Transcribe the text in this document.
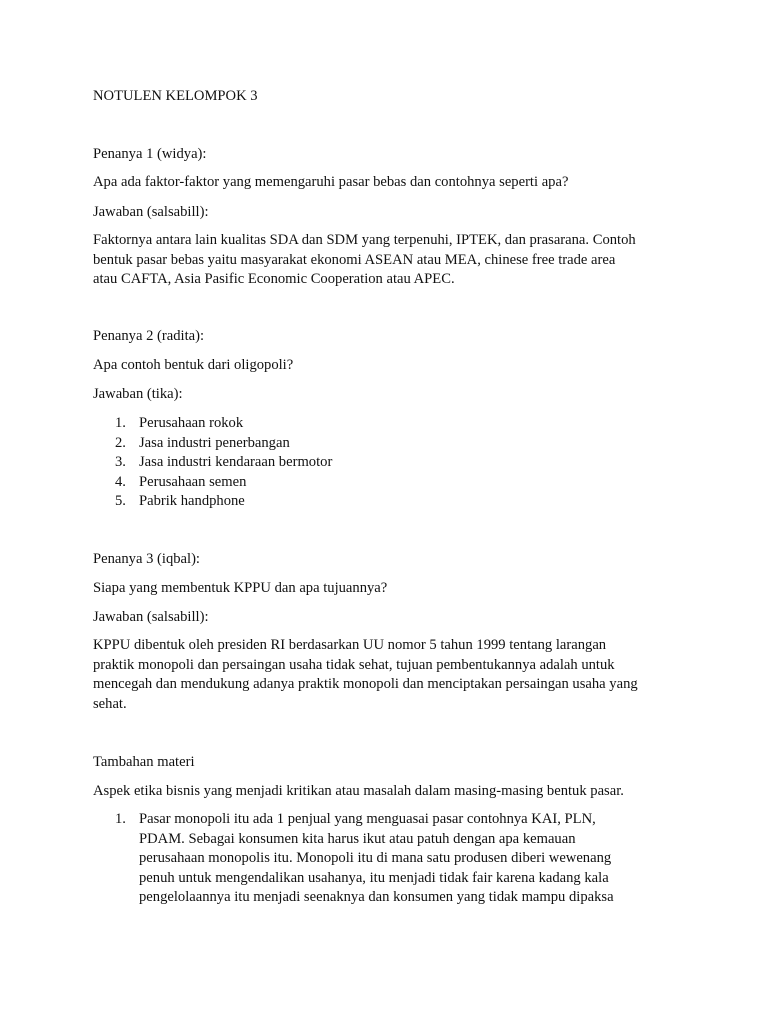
NOTULEN KELOMPOK 3

Penanya 1 (widya):

Apa ada faktor-faktor yang memengaruhi pasar bebas dan contohnya seperti apa?

Jawaban (salsabill):

Faktornya antara lain kualitas SDA dan SDM yang terpenuhi, IPTEK, dan prasarana. Contoh
bentuk pasar bebas yaitu masyarakat ekonomi ASEAN atau MEA, chinese free trade area
atau CAFTA, Asia Pasific Economic Cooperation atau APEC.

Penanya 2 (radita):

Apa contoh bentuk dari oligopoli?

Jawaban (tika):

1. Perusahaan rokok
2. Jasa industri penerbangan
3. Jasa industri kendaraan bermotor
4. Perusahaan semen
5. Pabrik handphone

Penanya 3 (iqbal):

Siapa yang membentuk KPPU dan apa tujuannya?

Jawaban (salsabill):

KPPU dibentuk oleh presiden RI berdasarkan UU nomor 5 tahun 1999 tentang larangan
praktik monopoli dan persaingan usaha tidak sehat, tujuan pembentukannya adalah untuk
mencegah dan mendukung adanya praktik monopoli dan menciptakan persaingan usaha yang
sehat.

Tambahan materi

Aspek etika bisnis yang menjadi kritikan atau masalah dalam masing-masing bentuk pasar.

1. Pasar monopoli itu ada 1 penjual yang menguasai pasar contohnya KAI, PLN,
PDAM. Sebagai konsumen kita harus ikut atau patuh dengan apa kemauan
perusahaan monopolis itu. Monopoli itu di mana satu produsen diberi wewenang
penuh untuk mengendalikan usahanya, itu menjadi tidak fair karena kadang kala
pengelolaannya itu menjadi seenaknya dan konsumen yang tidak mampu dipaksa
